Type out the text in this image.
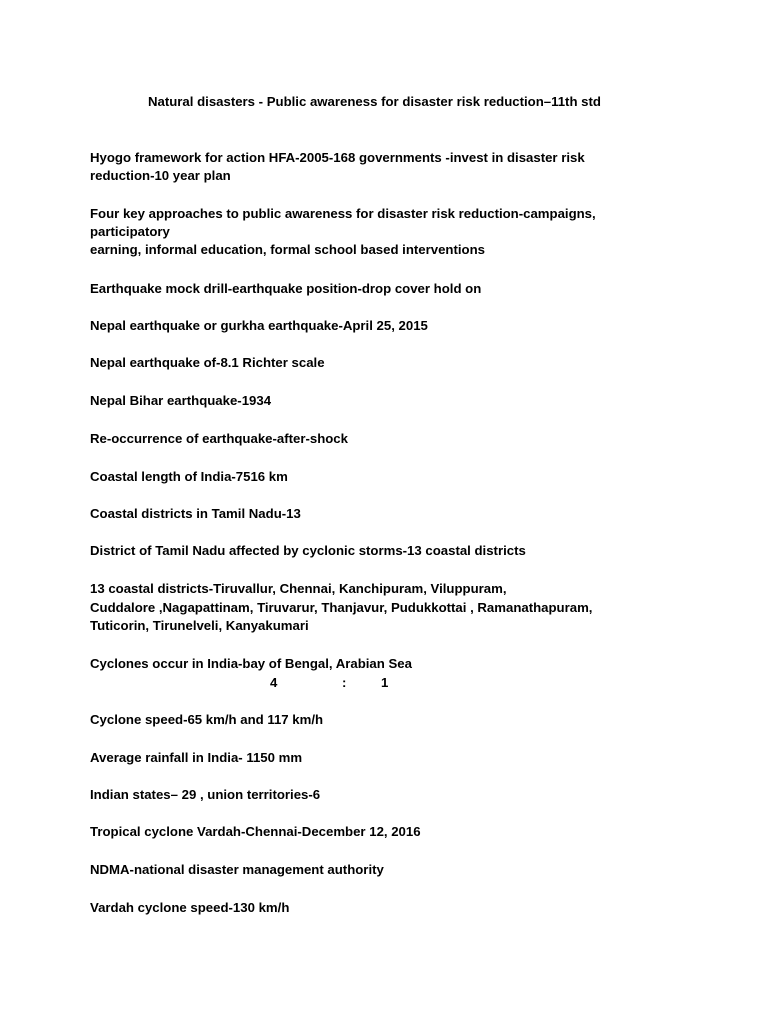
Natural disasters - Public awareness for disaster risk reduction–11th std
Hyogo framework for action HFA-2005-168 governments -invest in disaster risk
reduction-10 year plan
Four key approaches to public awareness for disaster risk reduction-campaigns,
participatory
earning, informal education, formal school based interventions
Earthquake mock drill-earthquake position-drop cover hold on
Nepal earthquake or gurkha earthquake-April 25, 2015
Nepal earthquake of-8.1 Richter scale
Nepal Bihar earthquake-1934
Re-occurrence of earthquake-after-shock
Coastal length of India-7516 km
Coastal districts in Tamil Nadu-13
District of Tamil Nadu affected by cyclonic storms-13 coastal districts
13 coastal districts-Tiruvallur, Chennai, Kanchipuram, Viluppuram,
Cuddalore ,Nagapattinam, Tiruvarur, Thanjavur, Pudukkottai , Ramanathapuram,
Tuticorin, Tirunelveli, Kanyakumari
Cyclones occur in India-bay of Bengal, Arabian Sea
4	:	1
Cyclone speed-65 km/h and 117 km/h
Average rainfall in India- 1150 mm
Indian states– 29 , union territories-6
Tropical cyclone Vardah-Chennai-December 12, 2016
NDMA-national disaster management authority
Vardah cyclone speed-130 km/h
